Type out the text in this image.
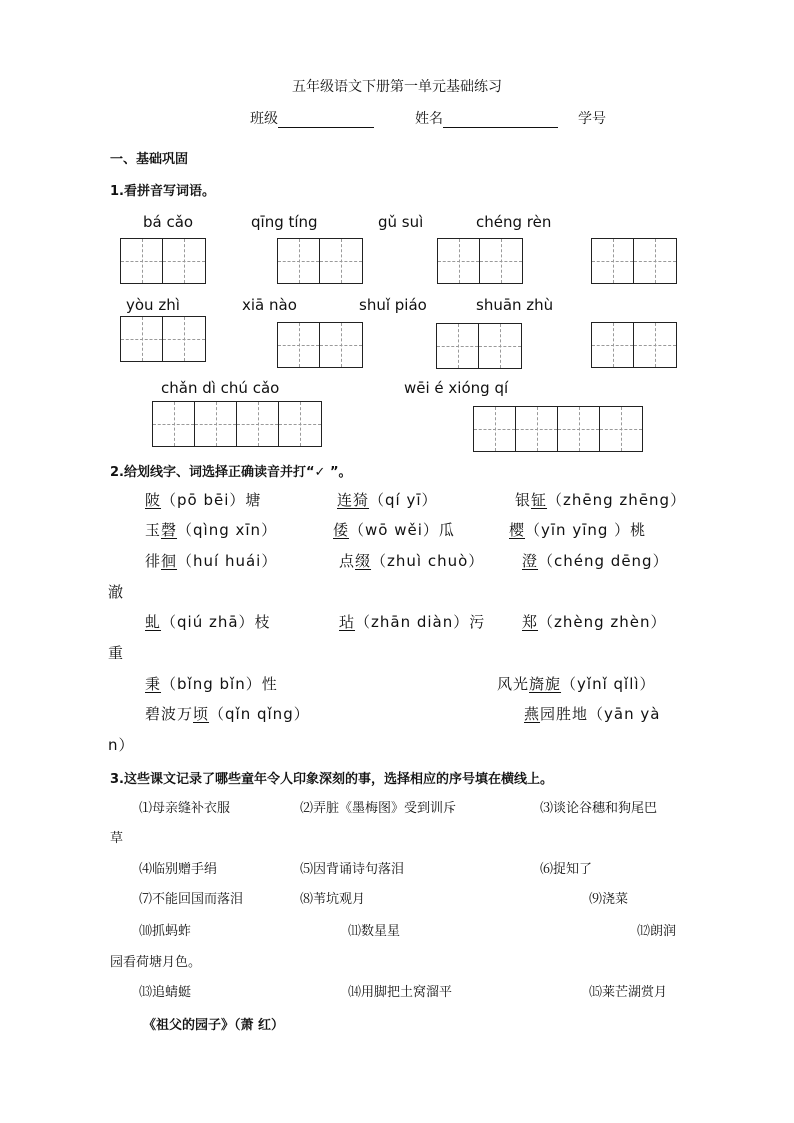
五年级语文下册第一单元基础练习
班级	姓名	学号
一、基础巩固
1.看拼音写词语。
bá cǎo	qīng tíng	gǔ suì	chéng rèn
yòu zhì	xiā nào	shuǐ piáo	shuān zhù
chǎn dì chú cǎo	wēi é xióng qí
2.给划线字、词选择正确读音并打“✓ ”。
陂（pō bēi）塘	连猗（qí yī）	银钲（zhēng zhēng）
玉磬（qìng xīn）	倭（wō wěi）瓜	樱（yīn yīng ）桃
徘徊（huí huái）	点缀（zhuì chuò）	澄（chéng dēng）
澈
虬（qiú zhā）枝	玷（zhān diàn）污 郑（zhèng zhèn）
重
秉（bǐng bǐn）性	风光旖旎（yǐnǐ qǐlì）
碧波万顷（qǐn qǐng）	燕园胜地（yān yà
n）
3.这些课文记录了哪些童年令人印象深刻的事，选择相应的序号填在横线上。
⑴母亲缝补衣服	⑵弄脏《墨梅图》受到训斥	⑶谈论谷穗和狗尾巴
草
⑷临别赠手绢	⑸因背诵诗句落泪	⑹捉知了
⑺不能回国而落泪	⑻苇坑观月	⑼浇菜
⑽抓蚂蚱	⑾数星星	⑿朗润
园看荷塘月色。
⒀追蜻蜓	⒁用脚把土窝溜平	⒂莱芒湖赏月
《祖父的园子》（萧 红）
